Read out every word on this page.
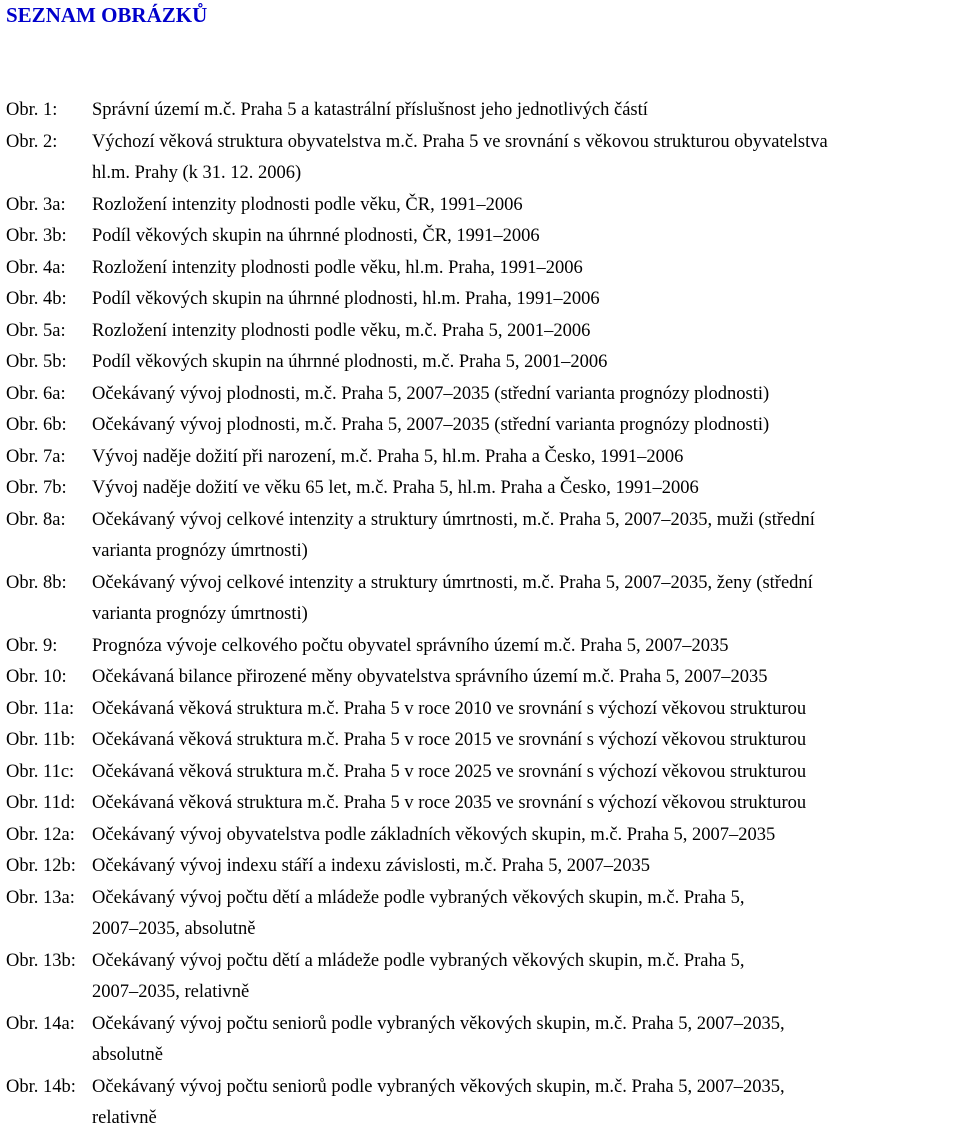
SEZNAM OBRÁZKŮ
Obr. 1: Správní území m.č. Praha 5 a katastrální příslušnost jeho jednotlivých částí
Obr. 2: Výchozí věková struktura obyvatelstva m.č. Praha 5 ve srovnání s věkovou strukturou obyvatelstva
hl.m. Prahy (k 31. 12. 2006)
Obr. 3a: Rozložení intenzity plodnosti podle věku, ČR, 1991–2006
Obr. 3b: Podíl věkových skupin na úhrnné plodnosti, ČR, 1991–2006
Obr. 4a: Rozložení intenzity plodnosti podle věku, hl.m. Praha, 1991–2006
Obr. 4b: Podíl věkových skupin na úhrnné plodnosti, hl.m. Praha, 1991–2006
Obr. 5a: Rozložení intenzity plodnosti podle věku, m.č. Praha 5, 2001–2006
Obr. 5b: Podíl věkových skupin na úhrnné plodnosti, m.č. Praha 5, 2001–2006
Obr. 6a: Očekávaný vývoj plodnosti, m.č. Praha 5, 2007–2035 (střední varianta prognózy plodnosti)
Obr. 6b: Očekávaný vývoj plodnosti, m.č. Praha 5, 2007–2035 (střední varianta prognózy plodnosti)
Obr. 7a: Vývoj naděje dožití při narození, m.č. Praha 5, hl.m. Praha a Česko, 1991–2006
Obr. 7b: Vývoj naděje dožití ve věku 65 let, m.č. Praha 5, hl.m. Praha a Česko, 1991–2006
Obr. 8a: Očekávaný vývoj celkové intenzity a struktury úmrtnosti, m.č. Praha 5, 2007–2035, muži (střední
varianta prognózy úmrtnosti)
Obr. 8b: Očekávaný vývoj celkové intenzity a struktury úmrtnosti, m.č. Praha 5, 2007–2035, ženy (střední
varianta prognózy úmrtnosti)
Obr. 9: Prognóza vývoje celkového počtu obyvatel správního území m.č. Praha 5, 2007–2035
Obr. 10: Očekávaná bilance přirozené měny obyvatelstva správního území m.č. Praha 5, 2007–2035
Obr. 11a: Očekávaná věková struktura m.č. Praha 5 v roce 2010 ve srovnání s výchozí věkovou strukturou
Obr. 11b: Očekávaná věková struktura m.č. Praha 5 v roce 2015 ve srovnání s výchozí věkovou strukturou
Obr. 11c: Očekávaná věková struktura m.č. Praha 5 v roce 2025 ve srovnání s výchozí věkovou strukturou
Obr. 11d: Očekávaná věková struktura m.č. Praha 5 v roce 2035 ve srovnání s výchozí věkovou strukturou
Obr. 12a: Očekávaný vývoj obyvatelstva podle základních věkových skupin, m.č. Praha 5, 2007–2035
Obr. 12b: Očekávaný vývoj indexu stáří a indexu závislosti, m.č. Praha 5, 2007–2035
Obr. 13a: Očekávaný vývoj počtu dětí a mládeže podle vybraných věkových skupin, m.č. Praha 5,
2007–2035, absolutně
Obr. 13b: Očekávaný vývoj počtu dětí a mládeže podle vybraných věkových skupin, m.č. Praha 5,
2007–2035, relativně
Obr. 14a: Očekávaný vývoj počtu seniorů podle vybraných věkových skupin, m.č. Praha 5, 2007–2035,
absolutně
Obr. 14b: Očekávaný vývoj počtu seniorů podle vybraných věkových skupin, m.č. Praha 5, 2007–2035,
relativně
